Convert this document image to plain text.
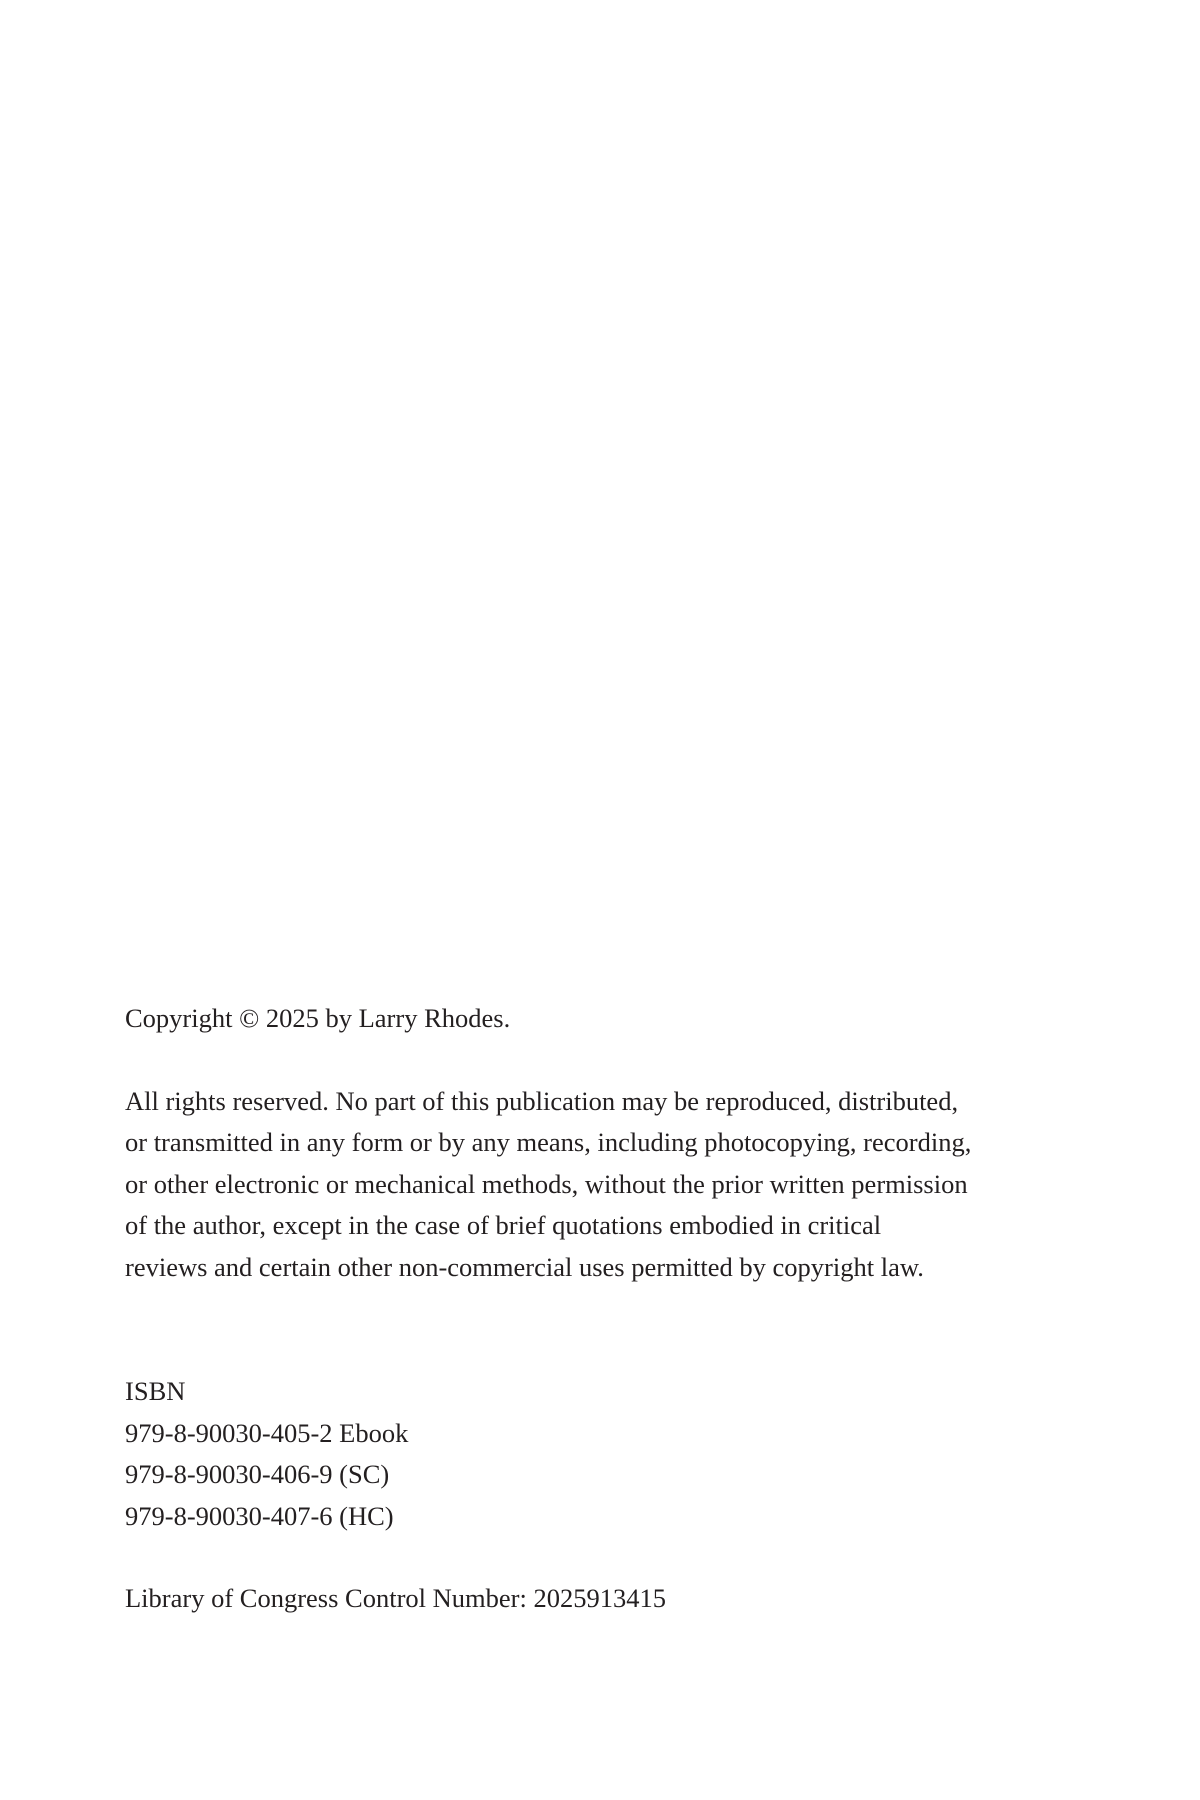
Copyright © 2025 by Larry Rhodes.

All rights reserved. No part of this publication may be reproduced, distributed,
or transmitted in any form or by any means, including photocopying, recording,
or other electronic or mechanical methods, without the prior written permission
of the author, except in the case of brief quotations embodied in critical
reviews and certain other non-commercial uses permitted by copyright law.
ISBN
979-8-90030-405-2 Ebook
979-8-90030-406-9 (SC)
979-8-90030-407-6 (HC)

Library of Congress Control Number: 2025913415
